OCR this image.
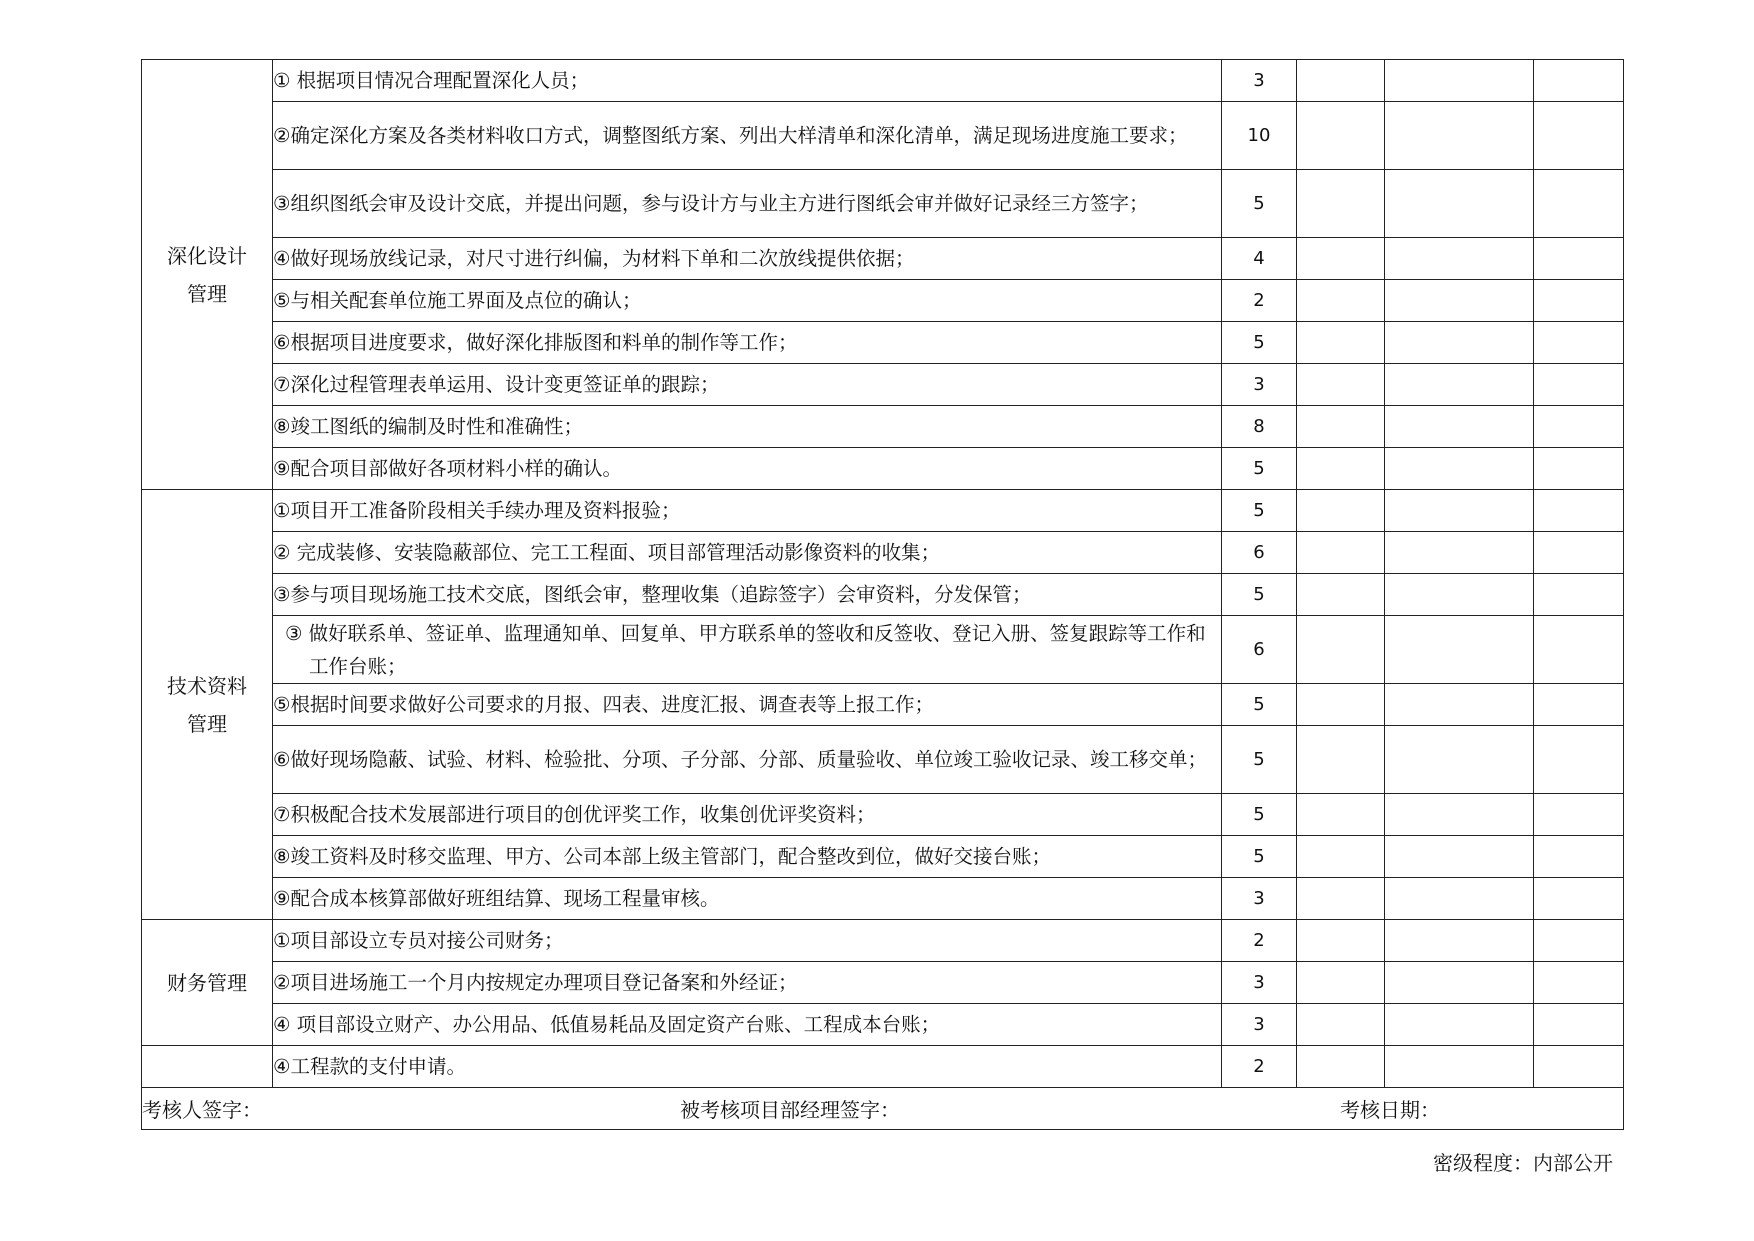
深化设计
管理	① 根据项目情况合理配置深化人员；	3			
	②确定深化方案及各类材料收口方式，调整图纸方案、列出大样清单和深化清单，满足现场进度施工要求；	10			
	③组织图纸会审及设计交底，并提出问题，参与设计方与业主方进行图纸会审并做好记录经三方签字；	5			
	④做好现场放线记录，对尺寸进行纠偏，为材料下单和二次放线提供依据；	4			
	⑤与相关配套单位施工界面及点位的确认；	2			
	⑥根据项目进度要求，做好深化排版图和料单的制作等工作；	5			
	⑦深化过程管理表单运用、设计变更签证单的跟踪；	3			
	⑧竣工图纸的编制及时性和准确性；	8			
	⑨配合项目部做好各项材料小样的确认。	5			

技术资料
管理	①项目开工准备阶段相关手续办理及资料报验；	5			
	② 完成装修、安装隐蔽部位、完工工程面、项目部管理活动影像资料的收集；	6			
	③参与项目现场施工技术交底，图纸会审，整理收集（追踪签字）会审资料，分发保管；	5			

	③ 做好联系单、签证单、监理通知单、回复单、甲方联系单的签收和反签收、登记入册、签复跟踪等工作和工作台账；	6			
	⑤根据时间要求做好公司要求的月报、四表、进度汇报、调查表等上报工作；	5			
	⑥做好现场隐蔽、试验、材料、检验批、分项、子分部、分部、质量验收、单位竣工验收记录、竣工移交单；	5			
	⑦积极配合技术发展部进行项目的创优评奖工作，收集创优评奖资料；	5			
	⑧竣工资料及时移交监理、甲方、公司本部上级主管部门，配合整改到位，做好交接台账；	5			
	⑨配合成本核算部做好班组结算、现场工程量审核。	3			

财务管理	①项目部设立专员对接公司财务；	2			
	②项目进场施工一个月内按规定办理项目登记备案和外经证；	3			
	④ 项目部设立财产、办公用品、低值易耗品及固定资产台账、工程成本台账；	3			
	④工程款的支付申请。	2			

考核人签字： 被考核项目部经理签字： 考核日期：					
密级程度：内部公开
